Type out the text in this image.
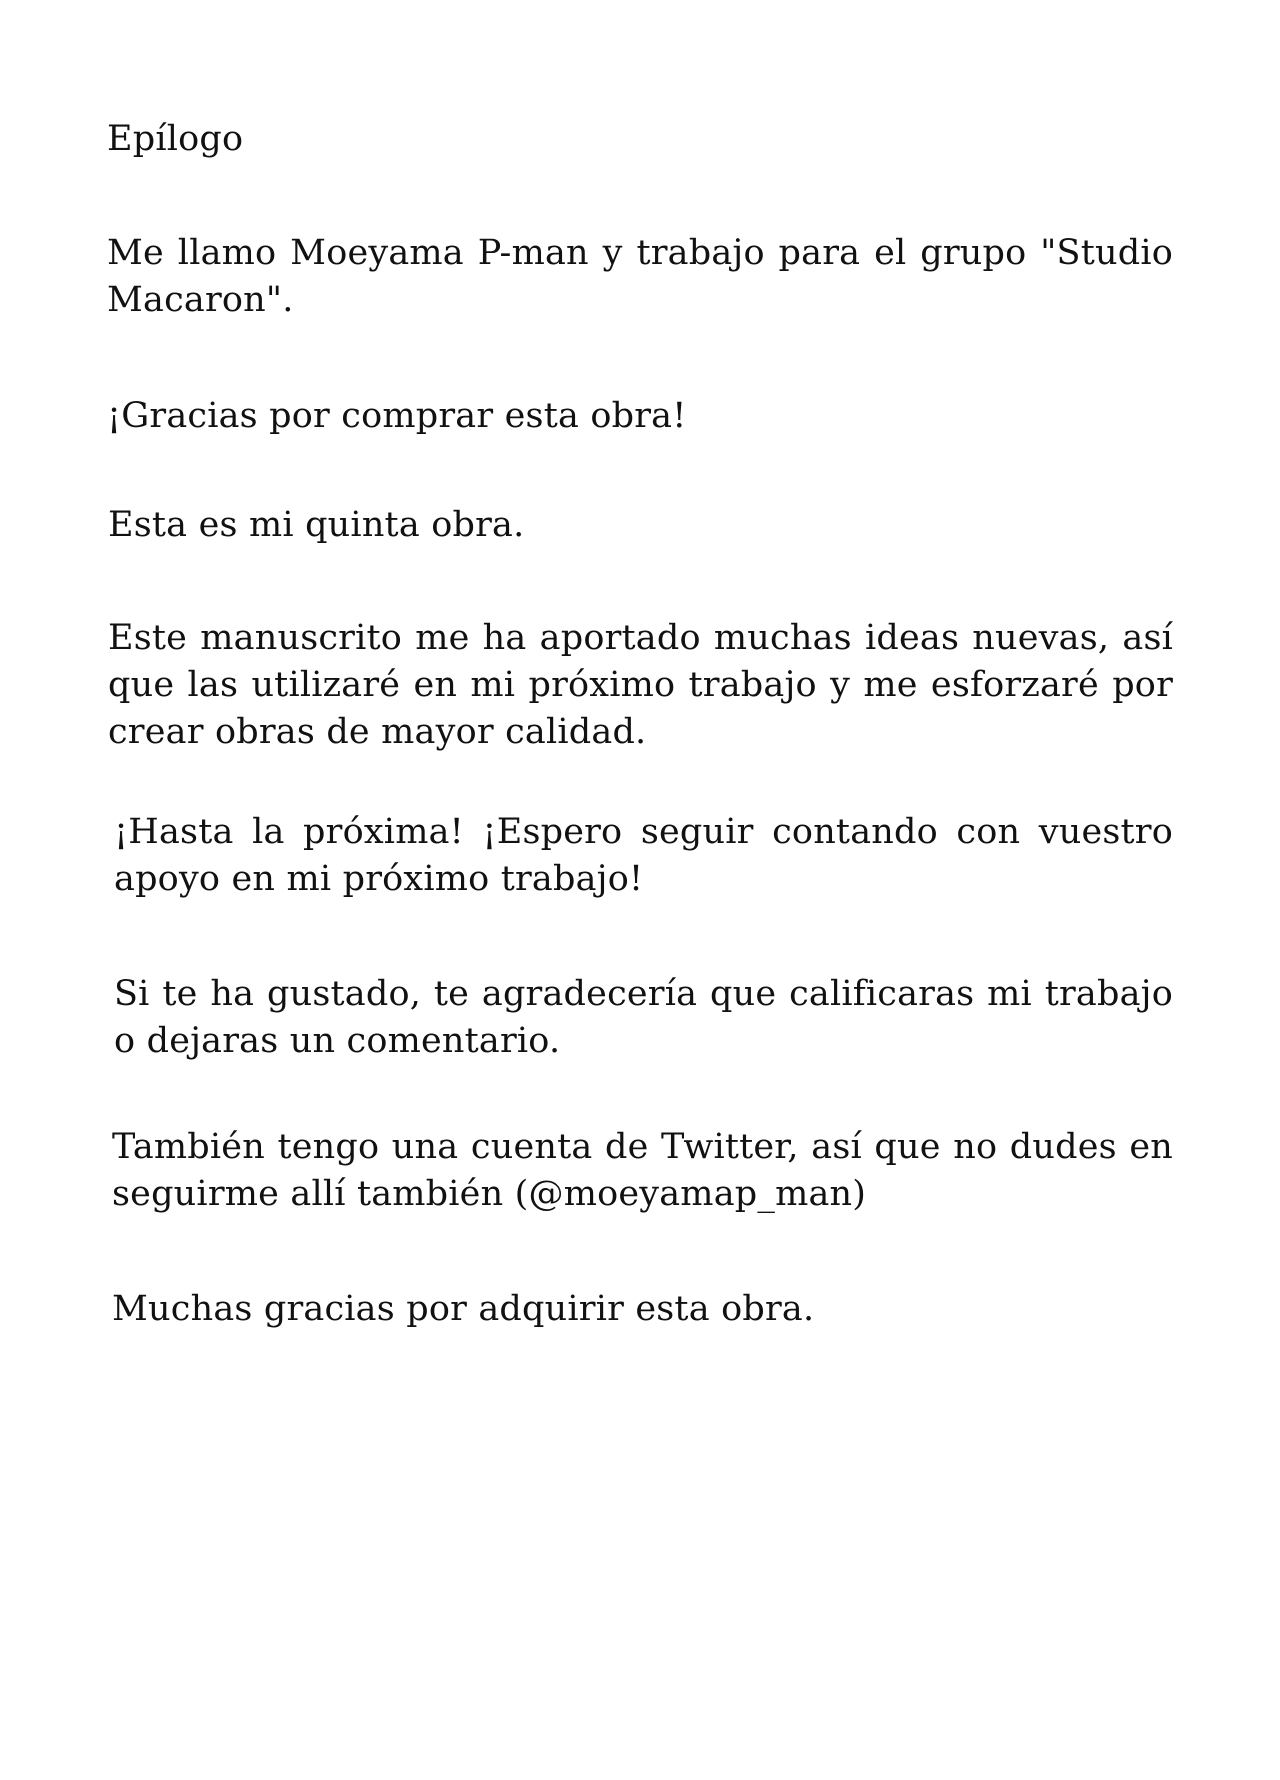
Epílogo

Me llamo Moeyama P-man y trabajo para el grupo "Studio Macaron".

¡Gracias por comprar esta obra!

Esta es mi quinta obra.

Este manuscrito me ha aportado muchas ideas nuevas, así que las utilizaré en mi próximo trabajo y me esforzaré por crear obras de mayor calidad.

¡Hasta la próxima! ¡Espero seguir contando con vuestro apoyo en mi próximo trabajo!

Si te ha gustado, te agradecería que calificaras mi trabajo o dejaras un comentario.

También tengo una cuenta de Twitter, así que no dudes en seguirme allí también (@moeyamap_man)

Muchas gracias por adquirir esta obra.
